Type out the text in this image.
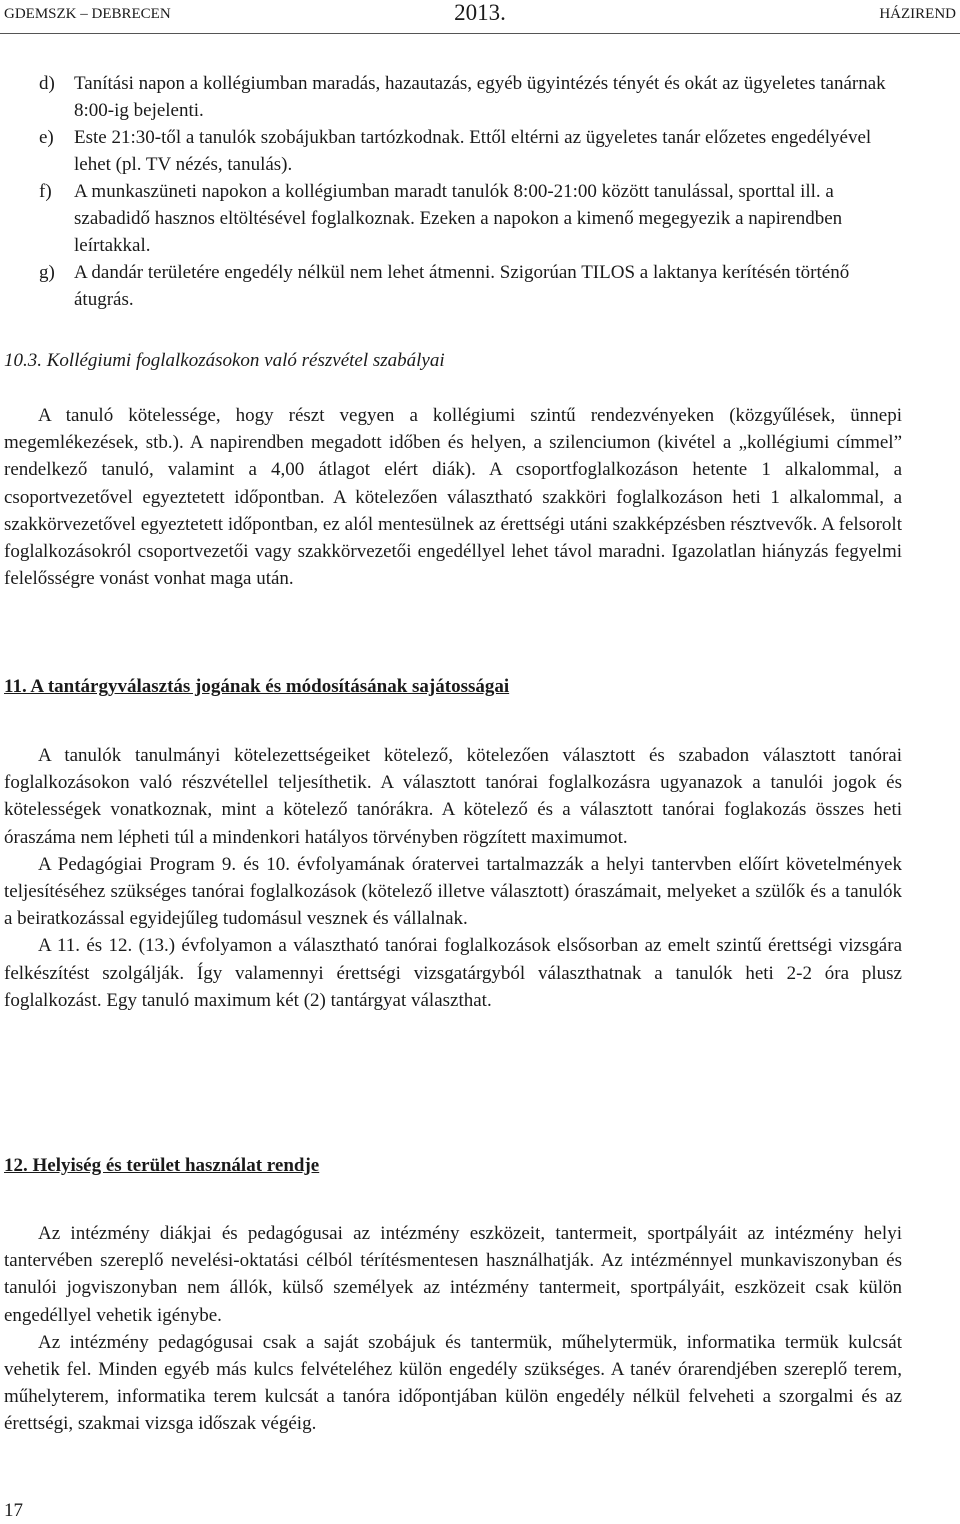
GDEMSZK – DEBRECEN	2013.	HÁZIREND
d) Tanítási napon a kollégiumban maradás, hazautazás, egyéb ügyintézés tényét és okát az ügyeletes tanárnak 8:00-ig bejelenti.
e) Este 21:30-től a tanulók szobájukban tartózkodnak. Ettől eltérni az ügyeletes tanár előzetes engedélyével lehet (pl. TV nézés, tanulás).
f) A munkaszüneti napokon a kollégiumban maradt tanulók 8:00-21:00 között tanulással, sporttal ill. a szabadidő hasznos eltöltésével foglalkoznak. Ezeken a napokon a kimenő megegyezik a napirendben leírtakkal.
g) A dandár területére engedély nélkül nem lehet átmenni. Szigorúan TILOS a laktanya kerítésén történő átugrás.
10.3. Kollégiumi foglalkozásokon való részvétel szabályai

A tanuló kötelessége, hogy részt vegyen a kollégiumi szintű rendezvényeken (közgyűlések, ünnepi megemlékezések, stb.). A napirendben megadott időben és helyen, a szilenciumon (kivétel a „kollégiumi címmel” rendelkező tanuló, valamint a 4,00 átlagot elért diák). A csoportfoglalkozáson hetente 1 alkalommal, a csoportvezetővel egyeztetett időpontban. A kötelezően választható szakköri foglalkozáson heti 1 alkalommal, a szakkörvezetővel egyeztetett időpontban, ez alól mentesülnek az érettségi utáni szakképzésben résztvevők. A felsorolt foglalkozásokról csoportvezetői vagy szakkörvezetői engedéllyel lehet távol maradni. Igazolatlan hiányzás fegyelmi felelősségre vonást vonhat maga után.

11. A tantárgyválasztás jogának és módosításának sajátosságai

A tanulók tanulmányi kötelezettségeiket kötelező, kötelezően választott és szabadon választott tanórai foglalkozásokon való részvétellel teljesíthetik. A választott tanórai foglalkozásra ugyanazok a tanulói jogok és kötelességek vonatkoznak, mint a kötelező tanórákra. A kötelező és a választott tanórai foglakozás összes heti óraszáma nem lépheti túl a mindenkori hatályos törvényben rögzített maximumot.

A Pedagógiai Program 9. és 10. évfolyamának óratervei tartalmazzák a helyi tantervben előírt követelmények teljesítéséhez szükséges tanórai foglalkozások (kötelező illetve választott) óraszámait, melyeket a szülők és a tanulók a beiratkozással egyidejűleg tudomásul vesznek és vállalnak.

A 11. és 12. (13.) évfolyamon a választható tanórai foglalkozások elsősorban az emelt szintű érettségi vizsgára felkészítést szolgálják. Így valamennyi érettségi vizsgatárgyból választhatnak a tanulók heti 2-2 óra plusz foglalkozást. Egy tanuló maximum két (2) tantárgyat választhat.

12. Helyiség és terület használat rendje

Az intézmény diákjai és pedagógusai az intézmény eszközeit, tantermeit, sportpályáit az intézmény helyi tantervében szereplő nevelési-oktatási célból térítésmentesen használhatják. Az intézménnyel munkaviszonyban és tanulói jogviszonyban nem állók, külső személyek az intézmény tantermeit, sportpályáit, eszközeit csak külön engedéllyel vehetik igénybe.

Az intézmény pedagógusai csak a saját szobájuk és tantermük, műhelytermük, informatika termük kulcsát vehetik fel. Minden egyéb más kulcs felvételéhez külön engedély szükséges. A tanév órarendjében szereplő terem, műhelyterem, informatika terem kulcsát a tanóra időpontjában külön engedély nélkül felveheti a szorgalmi és az érettségi, szakmai vizsga időszak végéig.

17
